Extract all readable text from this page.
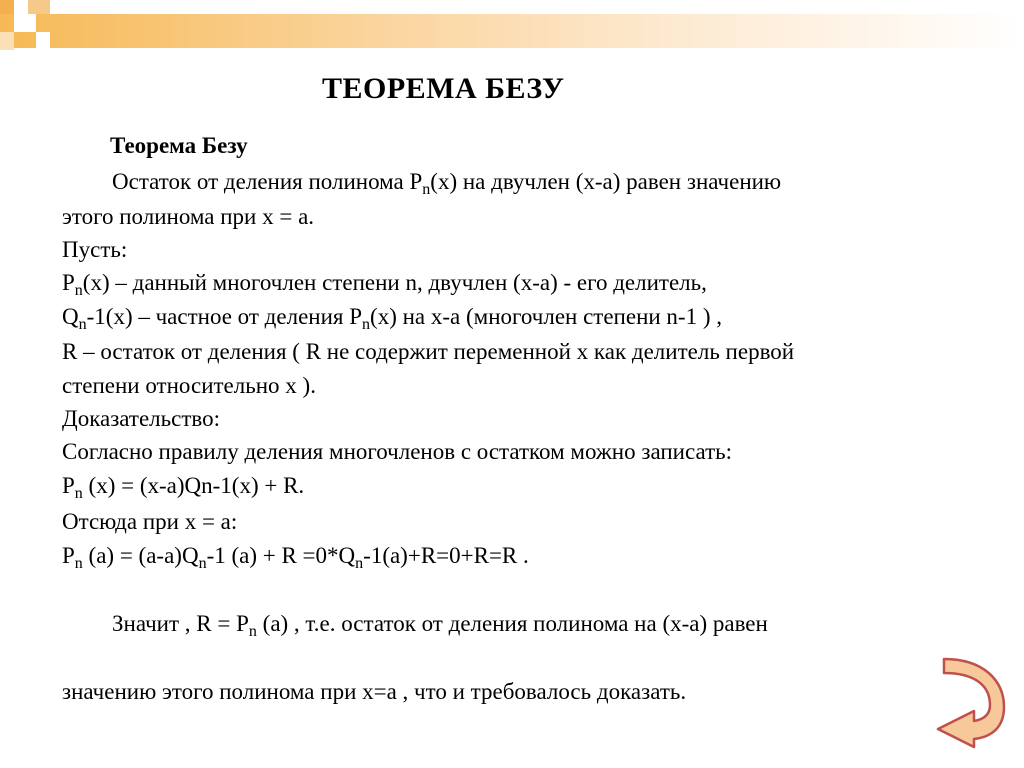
ТЕОРЕМА БЕЗУ
Теорема Безу
Остаток от деления полинома $P_n(x)$ на двучлен (x-a) равен значению
этого полинома при x = a.
Пусть:
$P_n(x)$ – данный многочлен степени n, двучлен (x-a) - его делитель,
$Q_n-1(x)$ – частное от деления $P_n(x)$ на x-a (многочлен степени n-1 ) ,
R – остаток от деления ( R не содержит переменной x как делитель первой
степени относительно x ).
Доказательство:
Согласно правилу деления многочленов с остатком можно записать:
$P_n$ (x) = (x-a)Qn-1(x) + R.
Отсюда при x = a:
$P_n$ $(a) = (a-a)Q_n-1$ $(a) + R =0*Q_n-1(a)+R=0+R=R$ .
Значит , $R = P_n$ (a) , т.е. остаток от деления полинома на (x-a) равен
значению этого полинома при x=a , что и требовалось доказать.
